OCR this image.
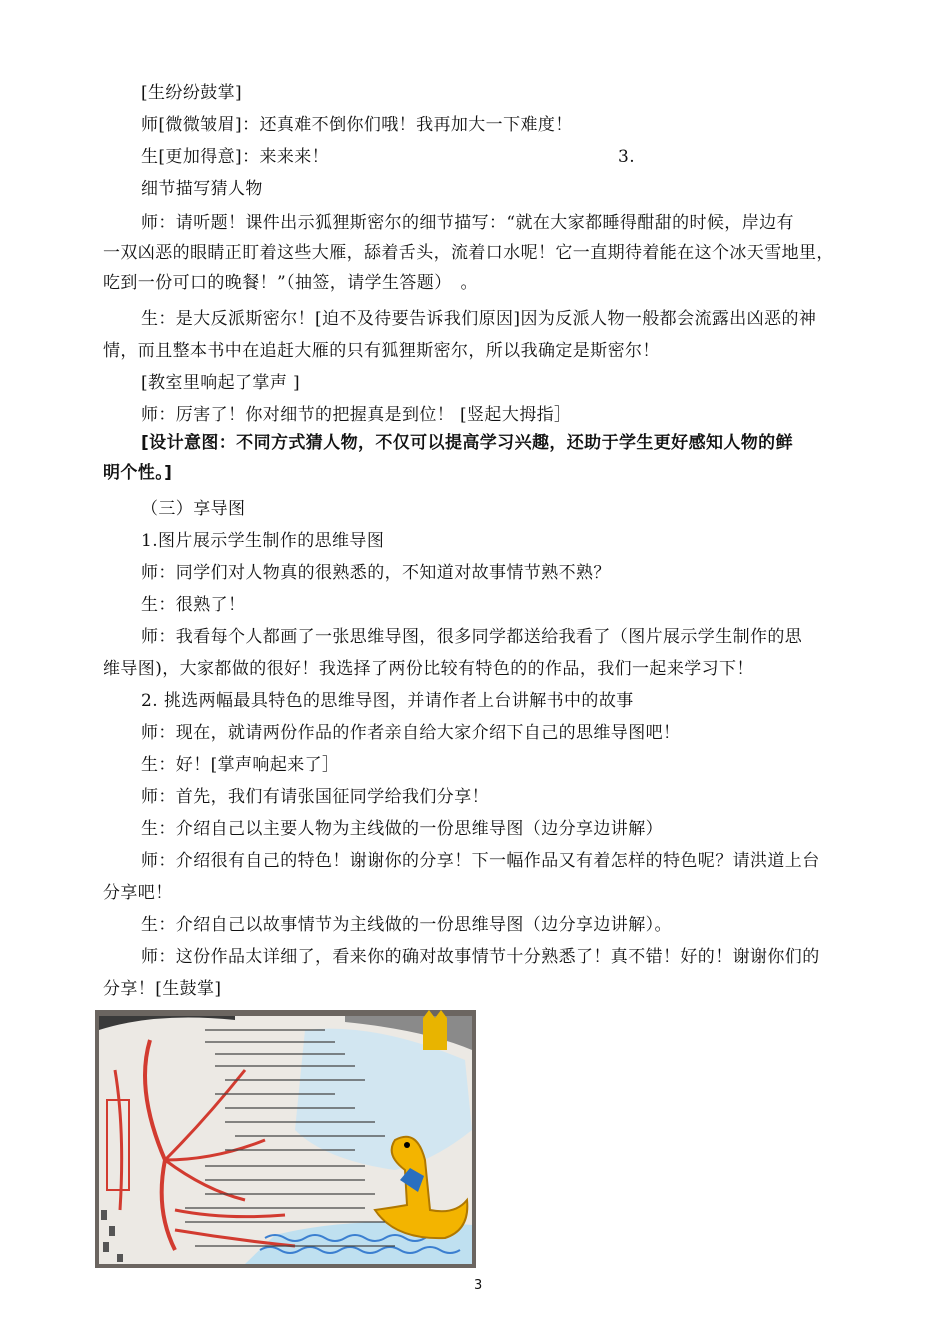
[生纷纷鼓掌]
师[微微皱眉]：还真难不倒你们哦！我再加大一下难度！
生[更加得意]：来来来！	3.
细节描写猜人物
师：请听题！课件出示狐狸斯密尔的细节描写：“就在大家都睡得酣甜的时候，岸边有
一双凶恶的眼睛正盯着这些大雁，舔着舌头，流着口水呢！它一直期待着能在这个冰天雪地里，
吃到一份可口的晚餐！”（抽签，请学生答题）　。
生：是大反派斯密尔！[迫不及待要告诉我们原因]因为反派人物一般都会流露出凶恶的神
情，而且整本书中在追赶大雁的只有狐狸斯密尔，所以我确定是斯密尔！
[教室里响起了掌声 ]
师：厉害了！你对细节的把握真是到位！ [竖起大拇指］
[设计意图：不同方式猜人物，不仅可以提高学习兴趣，还助于学生更好感知人物的鲜
明个性。]
（三）享导图
1.图片展示学生制作的思维导图
师：同学们对人物真的很熟悉的，不知道对故事情节熟不熟？
生：很熟了！
师：我看每个人都画了一张思维导图，很多同学都送给我看了（图片展示学生制作的思
维导图)，大家都做的很好！我选择了两份比较有特色的的作品，我们一起来学习下！
2. 挑选两幅最具特色的思维导图，并请作者上台讲解书中的故事
师：现在，就请两份作品的作者亲自给大家介绍下自己的思维导图吧！
生：好！[掌声响起来了］
师：首先，我们有请张国征同学给我们分享！
生：介绍自己以主要人物为主线做的一份思维导图（边分享边讲解）
师：介绍很有自己的特色！谢谢你的分享！下一幅作品又有着怎样的特色呢？请洪道上台
分享吧！
生：介绍自己以故事情节为主线做的一份思维导图（边分享边讲解）。
师：这份作品太详细了，看来你的确对故事情节十分熟悉了！真不错！好的！谢谢你们的
分享！[生鼓掌]
3
